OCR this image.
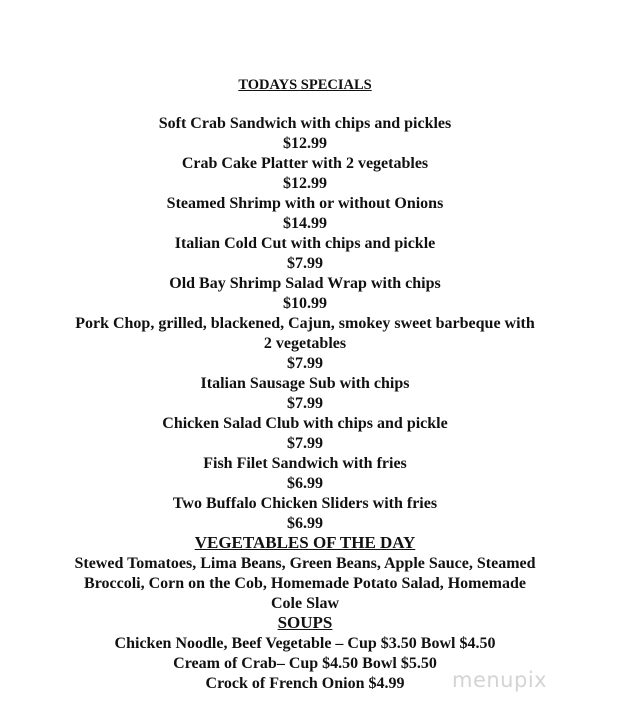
TODAYS SPECIALS
Soft Crab Sandwich with chips and pickles
$12.99
Crab Cake Platter with 2 vegetables
$12.99
Steamed Shrimp with or without Onions
$14.99
Italian Cold Cut with chips and pickle
$7.99
Old Bay Shrimp Salad Wrap with chips
$10.99
Pork Chop, grilled, blackened, Cajun, smokey sweet barbeque with
2 vegetables
$7.99
Italian Sausage Sub with chips
$7.99
Chicken Salad Club with chips and pickle
$7.99
Fish Filet Sandwich with fries
$6.99
Two Buffalo Chicken Sliders with fries
$6.99
VEGETABLES OF THE DAY
Stewed Tomatoes, Lima Beans, Green Beans, Apple Sauce, Steamed
Broccoli, Corn on the Cob, Homemade Potato Salad, Homemade
Cole Slaw
SOUPS
Chicken Noodle, Beef Vegetable – Cup $3.50 Bowl $4.50
Cream of Crab– Cup $4.50 Bowl $5.50
Crock of French Onion $4.99	menupix
